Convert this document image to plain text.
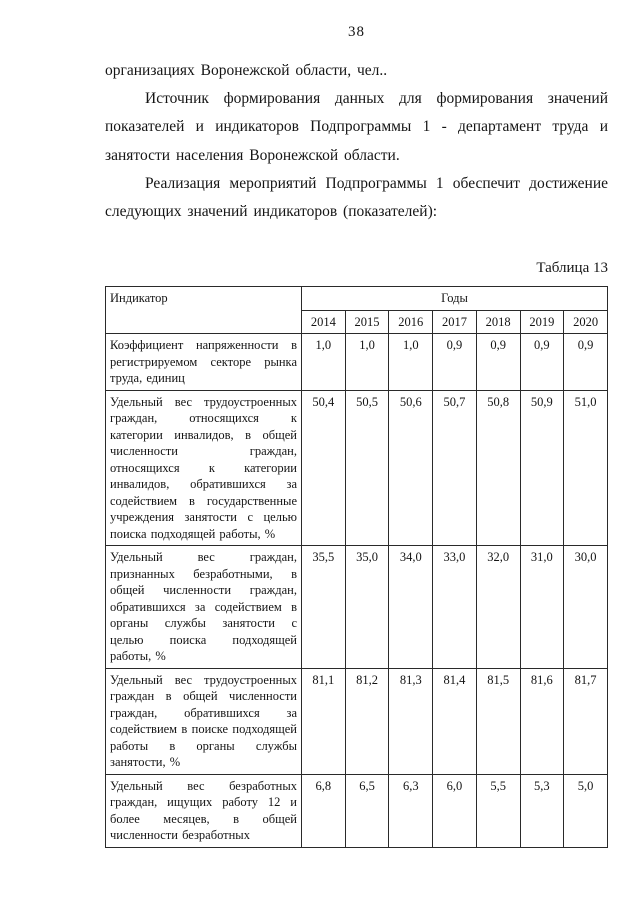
38

организациях Воронежской области, чел..

Источник формирования данных для формирования значений показателей и индикаторов Подпрограммы 1 - департамент труда и занятости населения Воронежской области.

Реализация мероприятий Подпрограммы 1 обеспечит достижение следующих значений индикаторов (показателей):

Таблица 13
Индикатор	Годы						
	2014	2015	2016	2017	2018	2019	2020
Коэффициент напряженности в регистрируемом секторе рынка труда, единиц	1,0	1,0	1,0	0,9	0,9	0,9	0,9
Удельный вес трудоустроенных граждан, относящихся к категории инвалидов, в общей численности граждан, относящихся к категории инвалидов, обратившихся за содействием в государственные учреждения занятости с целью поиска подходящей работы, %	50,4	50,5	50,6	50,7	50,8	50,9	51,0
Удельный вес граждан, признанных безработными, в общей численности граждан, обратившихся за содействием в органы службы занятости с целью поиска подходящей работы, %	35,5	35,0	34,0	33,0	32,0	31,0	30,0
Удельный вес трудоустроенных граждан в общей численности граждан, обратившихся за содействием в поиске подходящей работы в органы службы занятости, %	81,1	81,2	81,3	81,4	81,5	81,6	81,7
Удельный вес безработных граждан, ищущих работу 12 и более месяцев, в общей численности безработных	6,8	6,5	6,3	6,0	5,5	5,3	5,0
